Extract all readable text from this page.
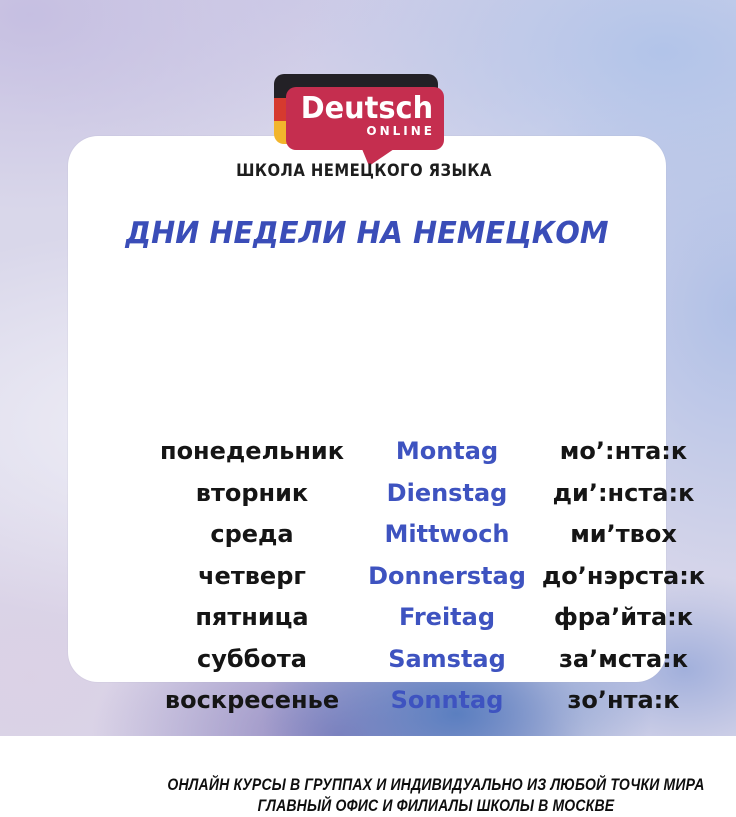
понедельник	Montag	мо’:нта:к
вторник	Dienstag	ди’:нста:к
среда	Mittwoch	ми’твох
четверг	Donnerstag до’нэрста:к
пятница	Freitag	фра’йта:к
суббота	Samstag	за’мста:к
воскресенье	Sonntag	зо’нта:к
ОНЛАЙН КУРСЫ В ГРУППАХ И ИНДИВИДУАЛЬНО ИЗ ЛЮБОЙ ТОЧКИ МИРА
ГЛАВНЫЙ ОФИС И ФИЛИАЛЫ ШКОЛЫ В МОСКВЕ
Deutsch
ONLINE
ШКОЛА НЕМЕЦКОГО ЯЗЫКА
ДНИ НЕДЕЛИ НА НЕМЕЦКОМ
